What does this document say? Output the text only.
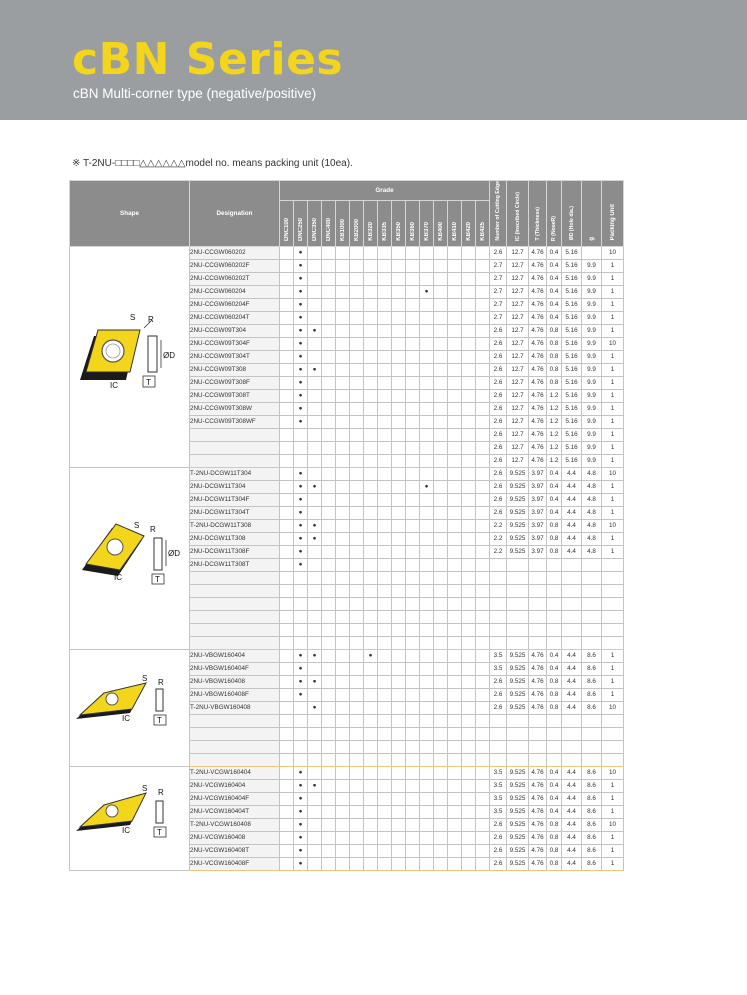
cBN Series
cBN Multi-corner type (negative/positive)
※ T-2NU-□□□□△△△△△△model no. means packing unit (10ea).
Shape	Designation	Grade															Number of Cutting Edge	IC (Inscribed Circle)	T (Thickness)	R (NoseR)	ØD (Hole dia.)	g	Packing Unit
		DNC100	DNC250	DNC350	DNC400	KB1000	KB2000	KB320	KB335	KB350	KB360	KB370	KB400	KB410	KB420	KB425							

S R
ØD
IC T	2NU-CCGW060202		●														2.6	12.7	4.76	0.4	5.16		10
	2NU-CCGW060202F		●														2.7	12.7	4.76	0.4	5.16	9.9	1
	2NU-CCGW060202T		●														2.7	12.7	4.76	0.4	5.16	9.9	1
	2NU-CCGW060204		●									●					2.7	12.7	4.76	0.4	5.16	9.9	1
	2NU-CCGW060204F		●														2.7	12.7	4.76	0.4	5.16	9.9	1
	2NU-CCGW060204T		●														2.7	12.7	4.76	0.4	5.16	9.9	1
	2NU-CCGW09T304		●	●													2.6	12.7	4.76	0.8	5.16	9.9	1
	2NU-CCGW09T304F		●														2.6	12.7	4.76	0.8	5.16	9.9	10
	2NU-CCGW09T304T		●														2.6	12.7	4.76	0.8	5.16	9.9	1
	2NU-CCGW09T308		●	●													2.6	12.7	4.76	0.8	5.16	9.9	1
	2NU-CCGW09T308F		●														2.6	12.7	4.76	0.8	5.16	9.9	1
	2NU-CCGW09T308T		●														2.6	12.7	4.76	1.2	5.16	9.9	1
	2NU-CCGW09T308W		●														2.6	12.7	4.76	1.2	5.16	9.9	1
	2NU-CCGW09T308WF		●														2.6	12.7	4.76	1.2	5.16	9.9	1
																	2.6	12.7	4.76	1.2	5.16	9.9	1
																	2.6	12.7	4.76	1.2	5.16	9.9	1
																	2.6	12.7	4.76	1.2	5.16	9.9	1

S R
ØD
IC T	T-2NU-DCGW11T304		●														2.6	9.525	3.97	0.4	4.4	4.8	10
	2NU-DCGW11T304		●	●								●					2.6	9.525	3.97	0.4	4.4	4.8	1
	2NU-DCGW11T304F		●														2.6	9.525	3.97	0.4	4.4	4.8	1
	2NU-DCGW11T304T		●														2.6	9.525	3.97	0.4	4.4	4.8	1
	T-2NU-DCGW11T308		●	●													2.2	9.525	3.97	0.8	4.4	4.8	10
	2NU-DCGW11T308		●	●													2.2	9.525	3.97	0.8	4.4	4.8	1
	2NU-DCGW11T308F		●														2.2	9.525	3.97	0.8	4.4	4.8	1
	2NU-DCGW11T308T		●																				

S R
IC T	2NU-VBGW160404		●	●				●									3.5	9.525	4.76	0.4	4.4	8.6	1
	2NU-VBGW160404F		●														3.5	9.525	4.76	0.4	4.4	8.6	1
	2NU-VBGW160408		●	●													2.6	9.525	4.76	0.8	4.4	8.6	1
	2NU-VBGW160408F		●														2.6	9.525	4.76	0.8	4.4	8.6	1
	T-2NU-VBGW160408			●													2.6	9.525	4.76	0.8	4.4	8.6	10

S R
IC T	T-2NU-VCGW160404		●														3.5	9.525	4.76	0.4	4.4	8.6	10
	2NU-VCGW160404		●	●													3.5	9.525	4.76	0.4	4.4	8.6	1
	2NU-VCGW160404F		●														3.5	9.525	4.76	0.4	4.4	8.6	1
	2NU-VCGW160404T		●														3.5	9.525	4.76	0.4	4.4	8.6	1
	T-2NU-VCGW160408		●														2.6	9.525	4.76	0.8	4.4	8.6	10
	2NU-VCGW160408		●														2.6	9.525	4.76	0.8	4.4	8.6	1
	2NU-VCGW160408T		●														2.6	9.525	4.76	0.8	4.4	8.6	1
	2NU-VCGW160408F		●														2.6	9.525	4.76	0.8	4.4	8.6	1
